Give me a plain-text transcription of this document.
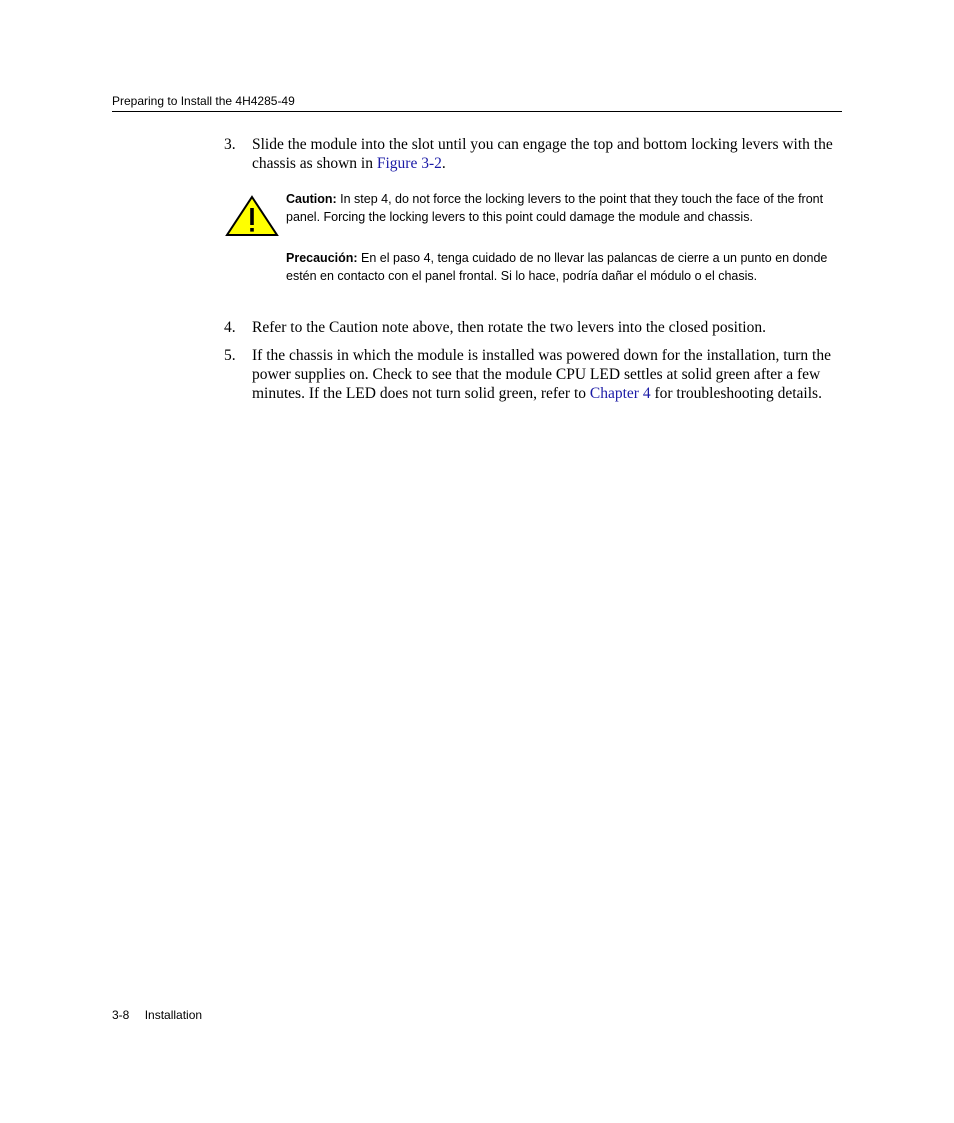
Preparing to Install the 4H4285-49
3. Slide the module into the slot until you can engage the top and bottom locking levers with the chassis as shown in Figure 3-2.
Caution: In step 4, do not force the locking levers to the point that they touch the face of the front panel. Forcing the locking levers to this point could damage the module and chassis.
Precaución: En el paso 4, tenga cuidado de no llevar las palancas de cierre a un punto en donde estén en contacto con el panel frontal. Si lo hace, podría dañar el módulo o el chasis.
4. Refer to the Caution note above, then rotate the two levers into the closed position.
5. If the chassis in which the module is installed was powered down for the installation, turn the power supplies on. Check to see that the module CPU LED settles at solid green after a few minutes. If the LED does not turn solid green, refer to Chapter 4 for troubleshooting details.
3-8 Installation
